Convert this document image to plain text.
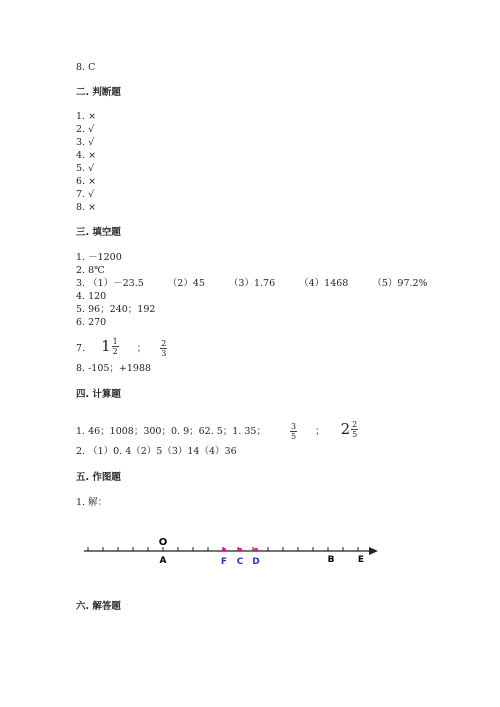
8. C
二. 判断题
1. ×
2. √
3. √
4. ×
5. √
6. ×
7. √
8. ×
三. 填空题
1. －1200
2. 8℃
3. （1）－23.5	（2）45	（3）1.76	（4）1468	（5）97.2%
4. 120
5. 96；240；192
6. 270
7. $1 \frac{1}{2}$ ； $\frac{2}{3}$
8. -105；+1988
四. 计算题
1. 46；1008；300；0. 9；62. 5；1. 35；	$\frac{3}{5}$ ； $2 \frac{2}{5}$
2. （1）0. 4（2）5（3）14（4）36
五. 作图题
1. 解：
O
A	F C D	B	E
六. 解答题
